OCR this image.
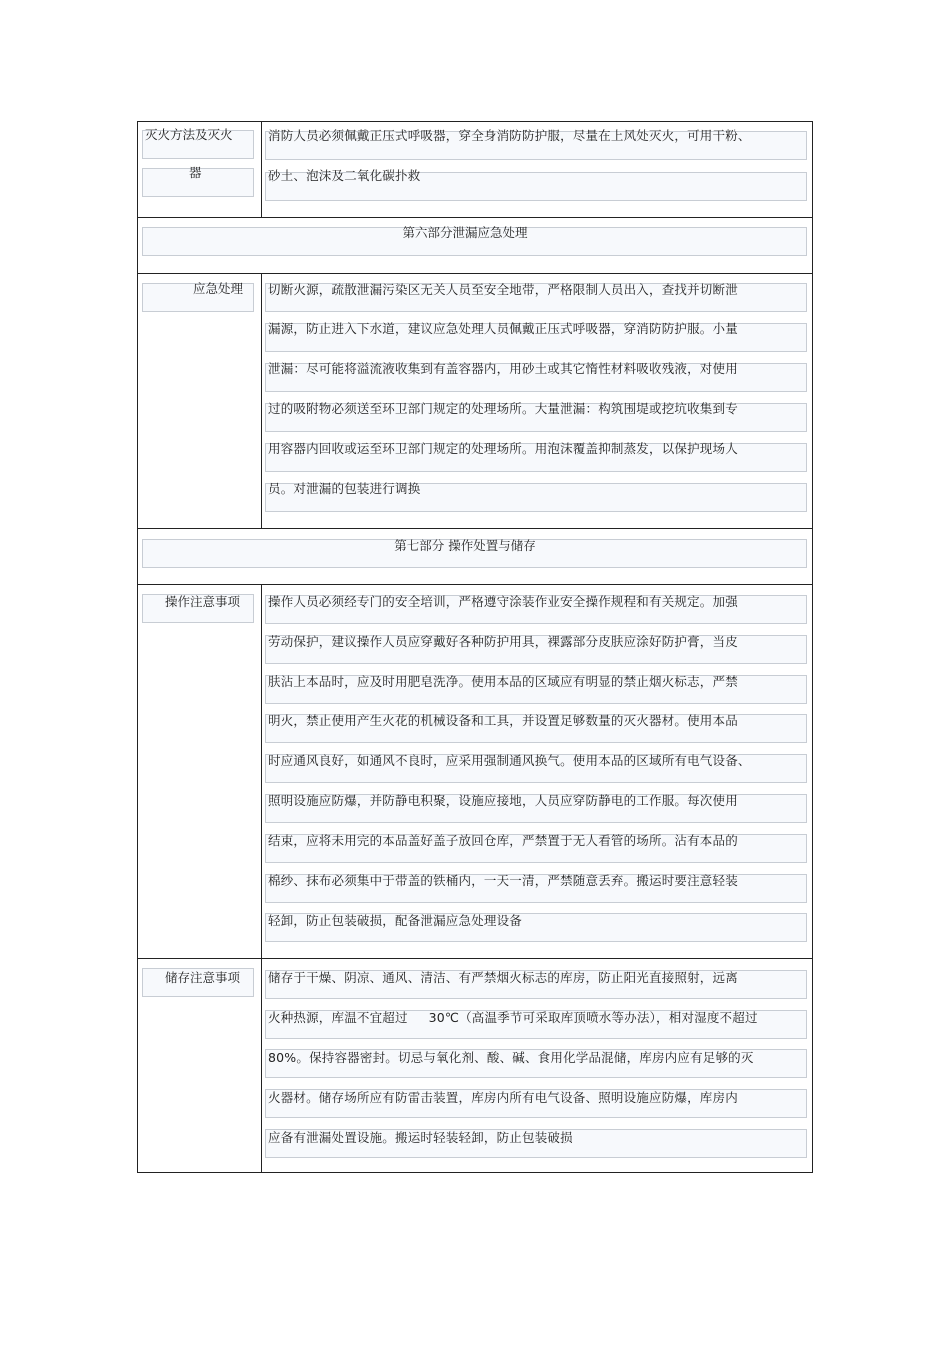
灭火方法及灭火
器
消防人员必须佩戴正压式呼吸器，穿全身消防防护服，尽量在上风处灭火，可用干粉、
砂土、泡沫及二氧化碳扑救
第六部分泄漏应急处理
应急处理 切断火源，疏散泄漏污染区无关人员至安全地带，严格限制人员出入，查找并切断泄
漏源，防止进入下水道，建议应急处理人员佩戴正压式呼吸器，穿消防防护服。小量
泄漏：尽可能将溢流液收集到有盖容器内，用砂土或其它惰性材料吸收残液，对使用
过的吸附物必须送至环卫部门规定的处理场所。大量泄漏：构筑围堤或挖坑收集到专
用容器内回收或运至环卫部门规定的处理场所。用泡沫覆盖抑制蒸发，以保护现场人
员。对泄漏的包装进行调换
第七部分 操作处置与储存
操作注意事项 操作人员必须经专门的安全培训，严格遵守涂装作业安全操作规程和有关规定。加强
劳动保护，建议操作人员应穿戴好各种防护用具，裸露部分皮肤应涂好防护膏，当皮
肤沾上本品时，应及时用肥皂洗净。使用本品的区域应有明显的禁止烟火标志，严禁
明火，禁止使用产生火花的机械设备和工具，并设置足够数量的灭火器材。使用本品
时应通风良好，如通风不良时，应采用强制通风换气。使用本品的区域所有电气设备、
照明设施应防爆，并防静电积聚，设施应接地，人员应穿防静电的工作服。每次使用
结束，应将未用完的本品盖好盖子放回仓库，严禁置于无人看管的场所。沾有本品的
棉纱、抹布必须集中于带盖的铁桶内，一天一清，严禁随意丢弃。搬运时要注意轻装
轻卸，防止包装破损，配备泄漏应急处理设备
储存注意事项 储存于干燥、阴凉、通风、清洁、有严禁烟火标志的库房，防止阳光直接照射，远离
火种热源，库温不宜超过     30℃（高温季节可采取库顶喷水等办法），相对湿度不超过
80%。保持容器密封。切忌与氧化剂、酸、碱、食用化学品混储，库房内应有足够的灭
火器材。储存场所应有防雷击装置，库房内所有电气设备、照明设施应防爆，库房内
应备有泄漏处置设施。搬运时轻装轻卸，防止包装破损
